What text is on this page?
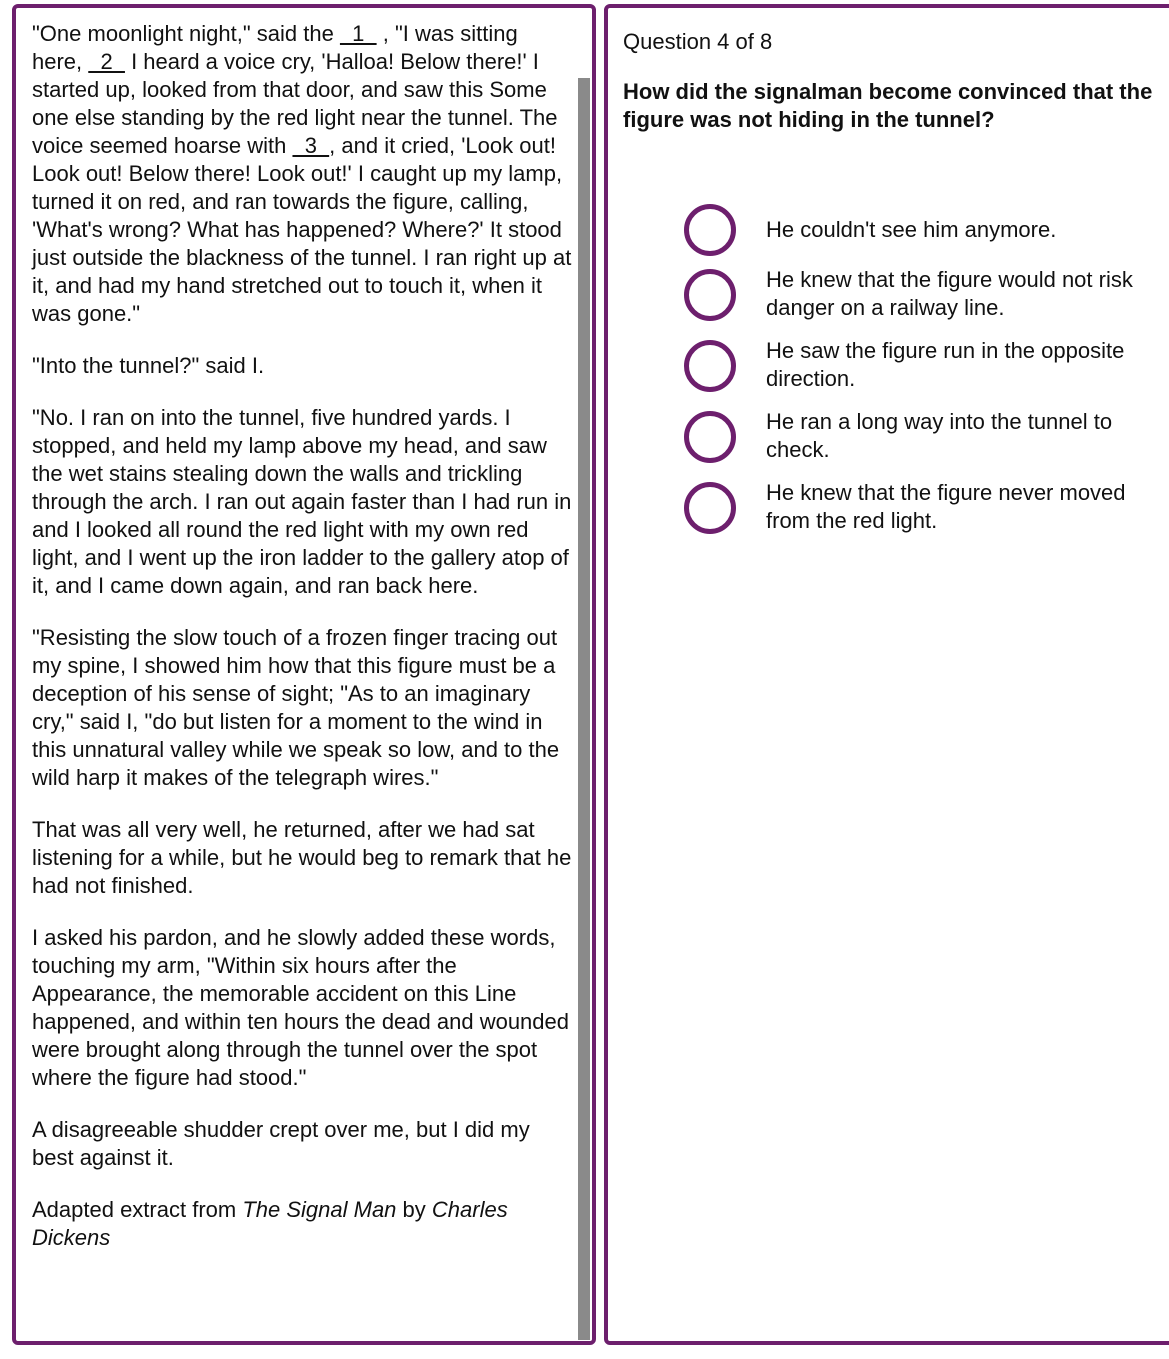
"One moonlight night," said the   1   , "I was sitting here,   2   I heard a voice cry, 'Halloa! Below there!' I started up, looked from that door, and saw this Some one else standing by the red light near the tunnel. The voice seemed hoarse with   3  , and it cried, 'Look out! Look out! Below there! Look out!' I caught up my lamp, turned it on red, and ran towards the figure, calling, 'What's wrong? What has happened? Where?' It stood just outside the blackness of the tunnel. I ran right up at it, and had my hand stretched out to touch it, when it was gone."

"Into the tunnel?" said I.

"No. I ran on into the tunnel, five hundred yards. I stopped, and held my lamp above my head, and saw the wet stains stealing down the walls and trickling through the arch. I ran out again faster than I had run in and I looked all round the red light with my own red light, and I went up the iron ladder to the gallery atop of it, and I came down again, and ran back here.

"Resisting the slow touch of a frozen finger tracing out my spine, I showed him how that this figure must be a deception of his sense of sight; "As to an imaginary cry," said I, "do but listen for a moment to the wind in this unnatural valley while we speak so low, and to the wild harp it makes of the telegraph wires."

That was all very well, he returned, after we had sat listening for a while, but he would beg to remark that he had not finished.

I asked his pardon, and he slowly added these words, touching my arm, "Within six hours after the Appearance, the memorable accident on this Line happened, and within ten hours the dead and wounded were brought along through the tunnel over the spot where the figure had stood."

A disagreeable shudder crept over me, but I did my best against it.

Adapted extract from The Signal Man by Charles Dickens

Question 4 of 8
How did the signalman become convinced that the figure was not hiding in the tunnel?
He couldn't see him anymore.
He knew that the figure would not risk danger on a railway line.
He saw the figure run in the opposite direction.
He ran a long way into the tunnel to check.
He knew that the figure never moved from the red light.
